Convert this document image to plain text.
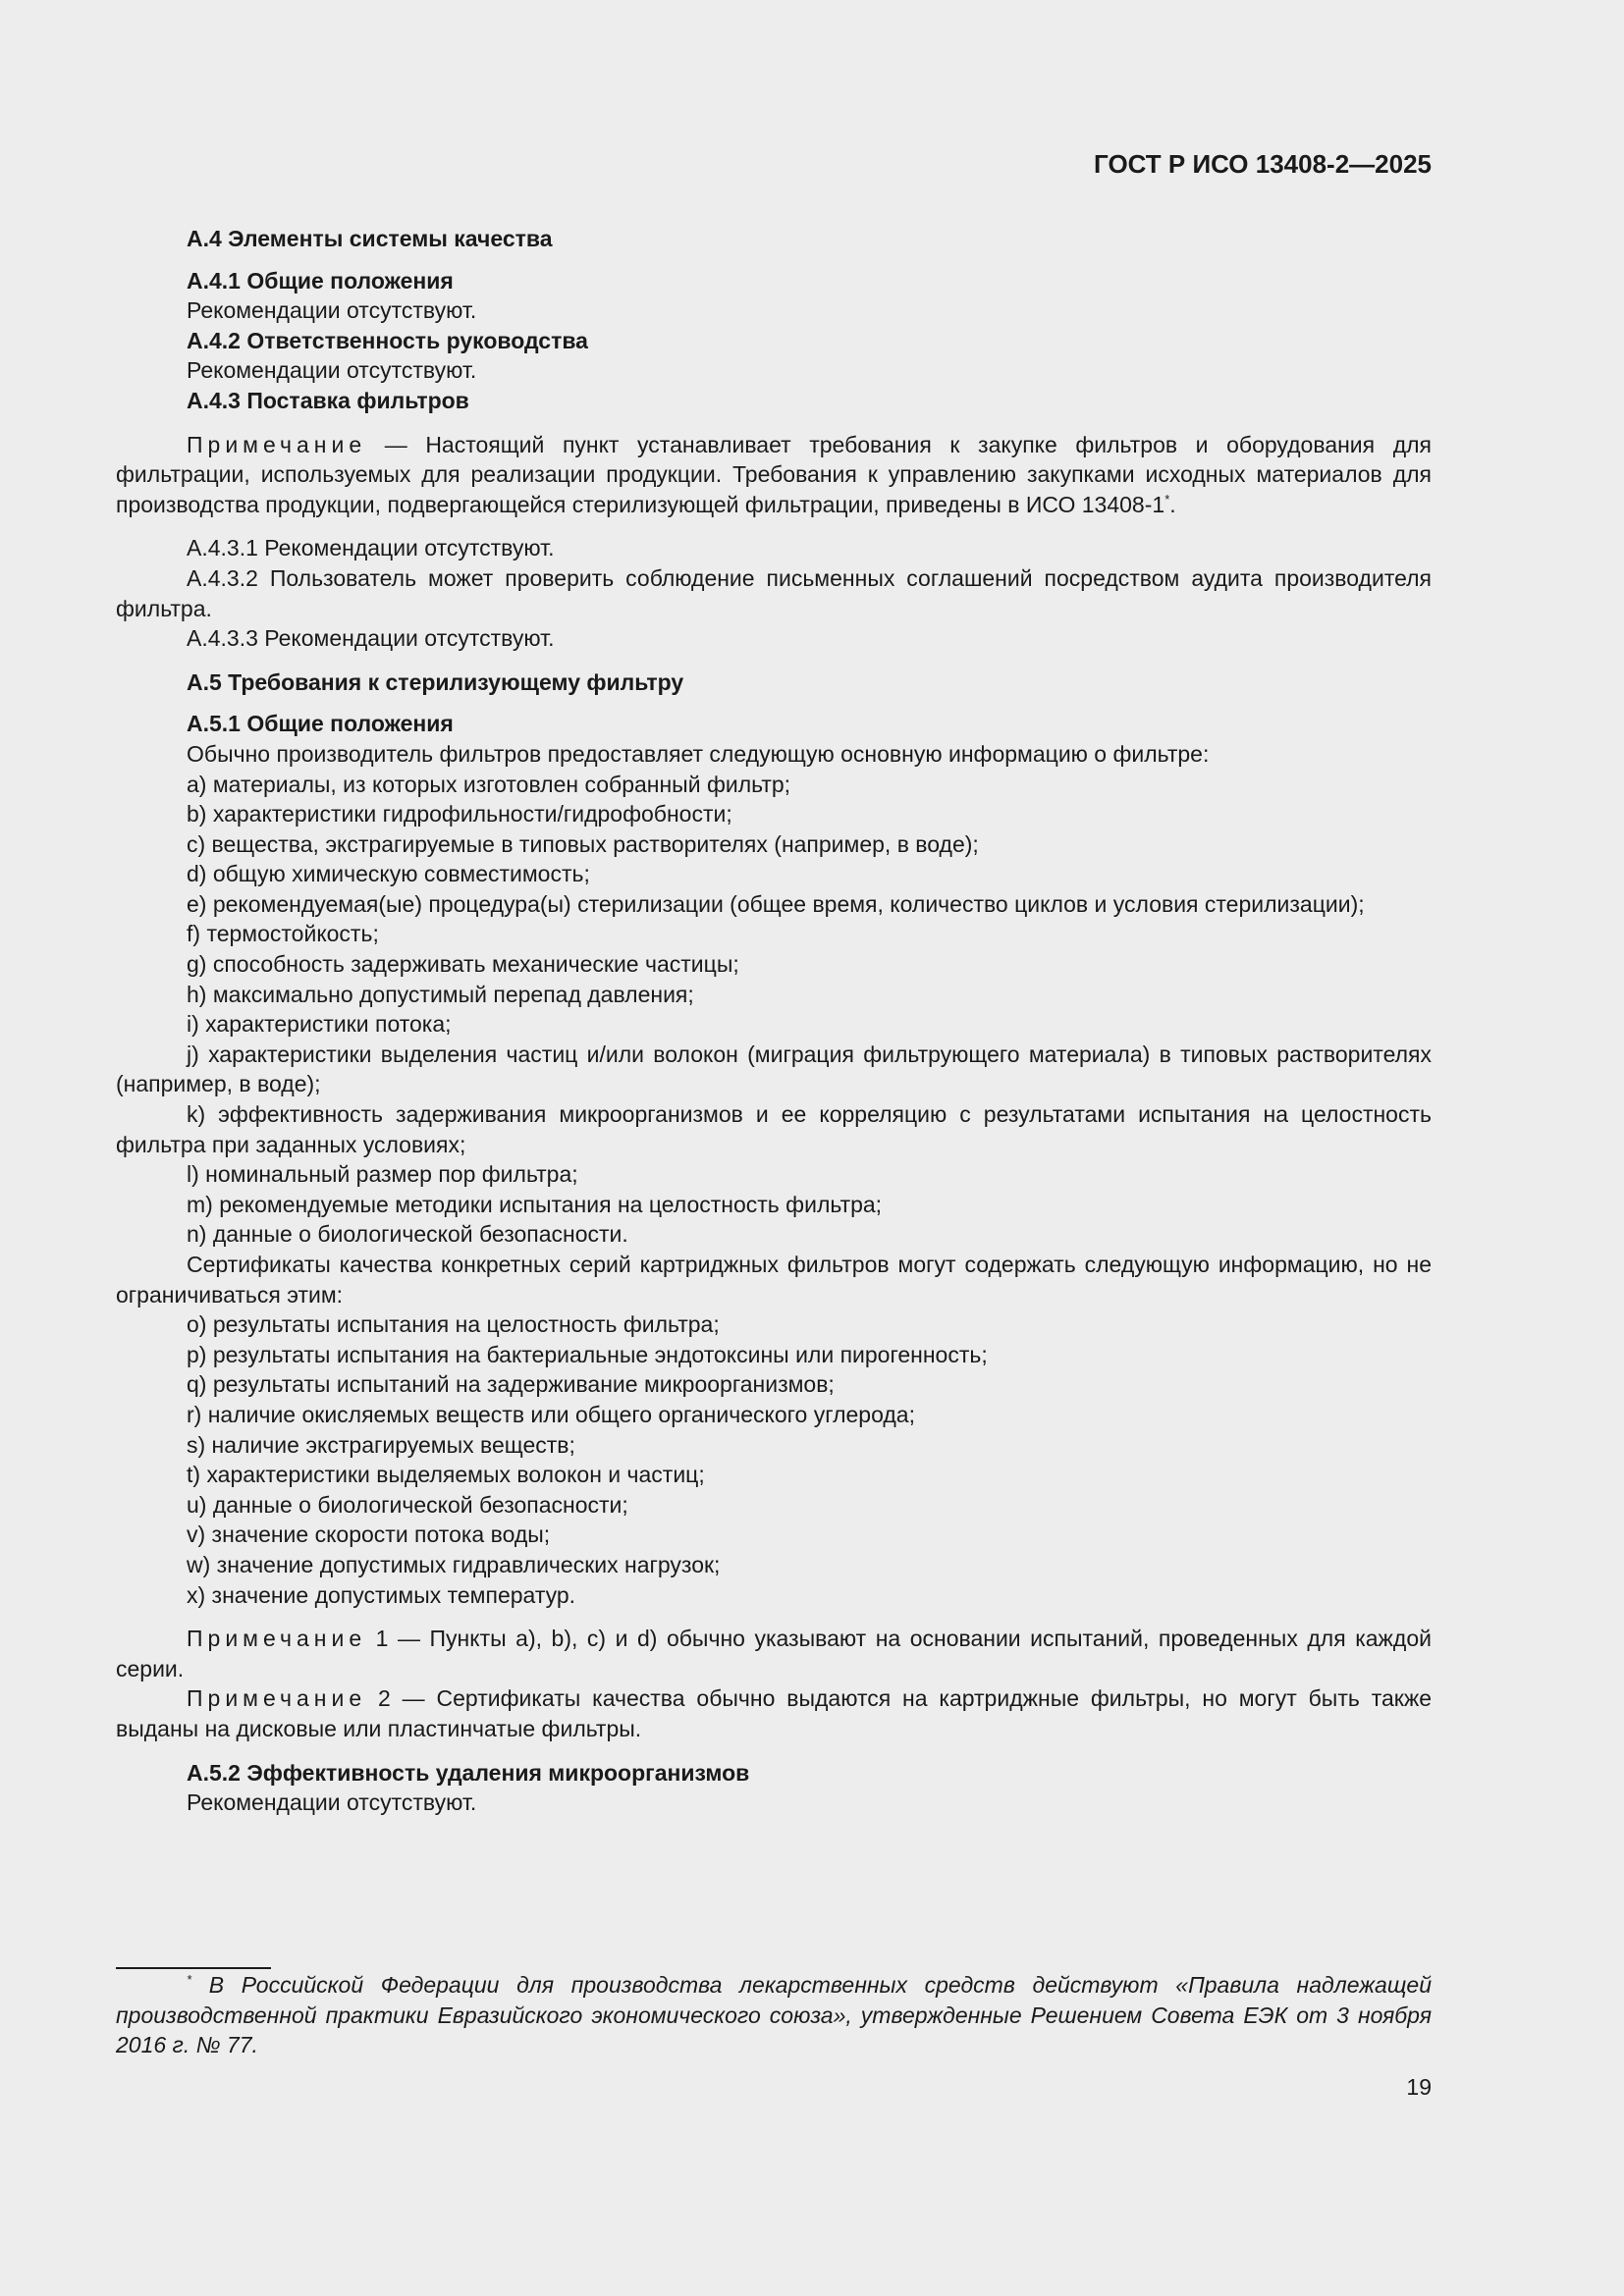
ГОСТ Р ИСО 13408-2—2025

А.4 Элементы системы качества

А.4.1 Общие положения

Рекомендации отсутствуют.

А.4.2 Ответственность руководства

Рекомендации отсутствуют.

А.4.3 Поставка фильтров

Примечание — Настоящий пункт устанавливает требования к закупке фильтров и оборудования для фильтрации, используемых для реализации продукции. Требования к управлению закупками исходных материалов для производства продукции, подвергающейся стерилизующей фильтрации, приведены в ИСО 13408-1*.

А.4.3.1 Рекомендации отсутствуют.

А.4.3.2 Пользователь может проверить соблюдение письменных соглашений посредством аудита производителя фильтра.

А.4.3.3 Рекомендации отсутствуют.

А.5 Требования к стерилизующему фильтру

А.5.1 Общие положения

Обычно производитель фильтров предоставляет следующую основную информацию о фильтре:

a) материалы, из которых изготовлен собранный фильтр;

b) характеристики гидрофильности/гидрофобности;

c) вещества, экстрагируемые в типовых растворителях (например, в воде);

d) общую химическую совместимость;

e) рекомендуемая(ые) процедура(ы) стерилизации (общее время, количество циклов и условия стерилизации);

f) термостойкость;

g) способность задерживать механические частицы;

h) максимально допустимый перепад давления;

i) характеристики потока;

j) характеристики выделения частиц и/или волокон (миграция фильтрующего материала) в типовых растворителях (например, в воде);

k) эффективность задерживания микроорганизмов и ее корреляцию с результатами испытания на целостность фильтра при заданных условиях;

l) номинальный размер пор фильтра;

m) рекомендуемые методики испытания на целостность фильтра;

n) данные о биологической безопасности.

Сертификаты качества конкретных серий картриджных фильтров могут содержать следующую информацию, но не ограничиваться этим:

o) результаты испытания на целостность фильтра;

p) результаты испытания на бактериальные эндотоксины или пирогенность;

q) результаты испытаний на задерживание микроорганизмов;

r) наличие окисляемых веществ или общего органического углерода;

s) наличие экстрагируемых веществ;

t) характеристики выделяемых волокон и частиц;

u) данные о биологической безопасности;

v) значение скорости потока воды;

w) значение допустимых гидравлических нагрузок;

x) значение допустимых температур.

Примечание 1 — Пункты a), b), c) и d) обычно указывают на основании испытаний, проведенных для каждой серии.

Примечание 2 — Сертификаты качества обычно выдаются на картриджные фильтры, но могут быть также выданы на дисковые или пластинчатые фильтры.

А.5.2 Эффективность удаления микроорганизмов

Рекомендации отсутствуют.

* В Российской Федерации для производства лекарственных средств действуют «Правила надлежащей производственной практики Евразийского экономического союза», утвержденные Решением Совета ЕЭК от 3 ноября 2016 г. № 77.

19
